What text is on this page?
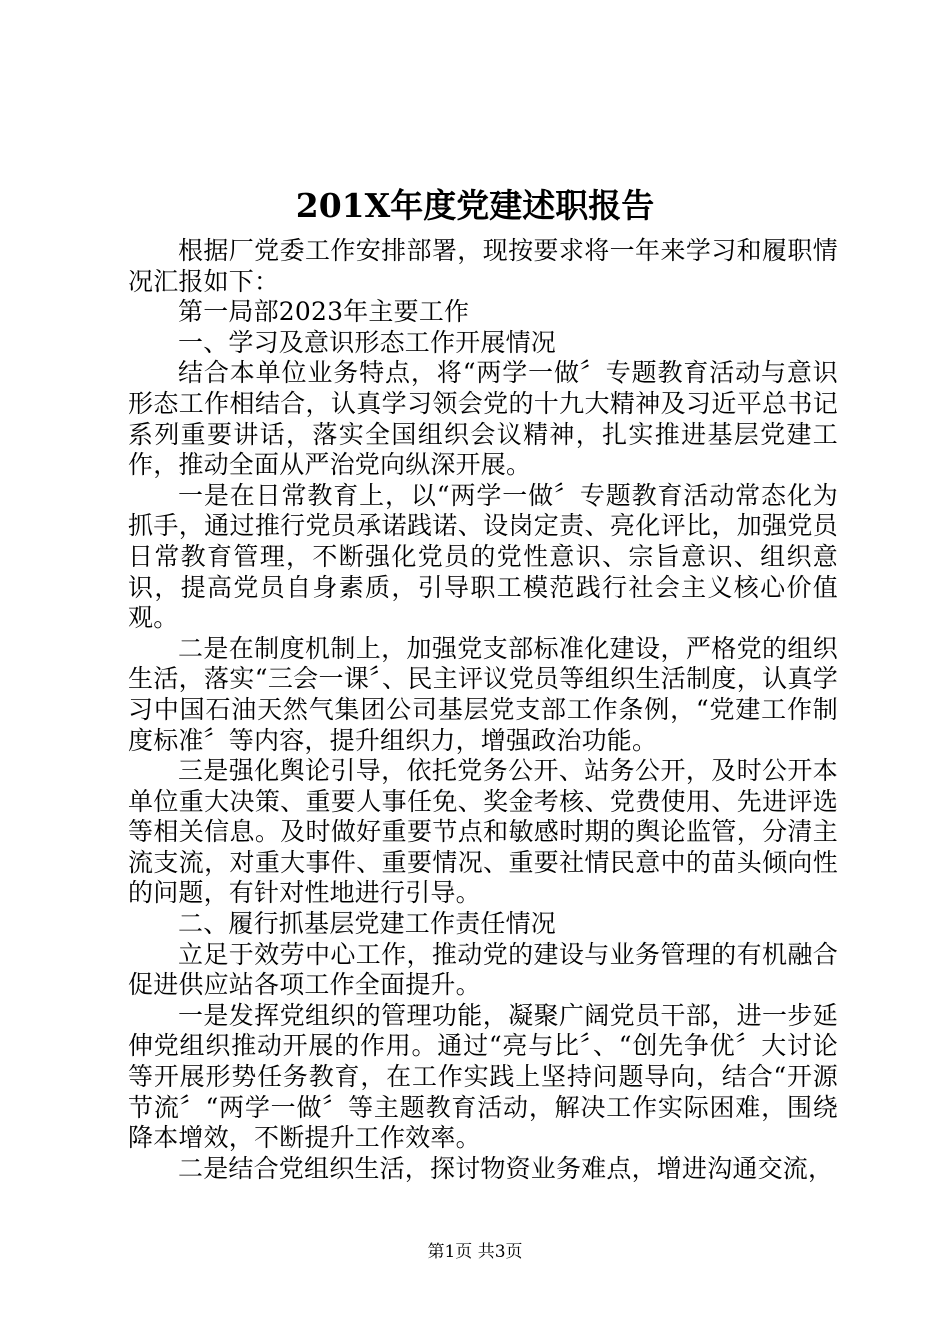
201X年度党建述职报告

根据厂党委工作安排部署，现按要求将一年来学习和履职情况汇报如下：

第一局部2023年主要工作

一、学习及意识形态工作开展情况

结合本单位业务特点，将“两学一做〞专题教育活动与意识形态工作相结合，认真学习领会党的十九大精神及习近平总书记系列重要讲话，落实全国组织会议精神，扎实推进基层党建工作，推动全面从严治党向纵深开展。

一是在日常教育上，以“两学一做〞专题教育活动常态化为抓手，通过推行党员承诺践诺、设岗定责、亮化评比，加强党员日常教育管理，不断强化党员的党性意识、宗旨意识、组织意识，提高党员自身素质，引导职工模范践行社会主义核心价值观。

二是在制度机制上，加强党支部标准化建设，严格党的组织生活，落实“三会一课〞、民主评议党员等组织生活制度，认真学习中国石油天然气集团公司基层党支部工作条例，“党建工作制度标准〞等内容，提升组织力，增强政治功能。

三是强化舆论引导，依托党务公开、站务公开，及时公开本单位重大决策、重要人事任免、奖金考核、党费使用、先进评选等相关信息。及时做好重要节点和敏感时期的舆论监管，分清主流支流，对重大事件、重要情况、重要社情民意中的苗头倾向性的问题，有针对性地进行引导。

二、履行抓基层党建工作责任情况

立足于效劳中心工作，推动党的建设与业务管理的有机融合促进供应站各项工作全面提升。

一是发挥党组织的管理功能，凝聚广阔党员干部，进一步延伸党组织推动开展的作用。通过“亮与比〞、“创先争优〞大讨论等开展形势任务教育，在工作实践上坚持问题导向，结合“开源节流〞“两学一做〞等主题教育活动，解决工作实际困难，围绕降本增效，不断提升工作效率。

二是结合党组织生活，探讨物资业务难点，增进沟通交流，

第1页 共3页
